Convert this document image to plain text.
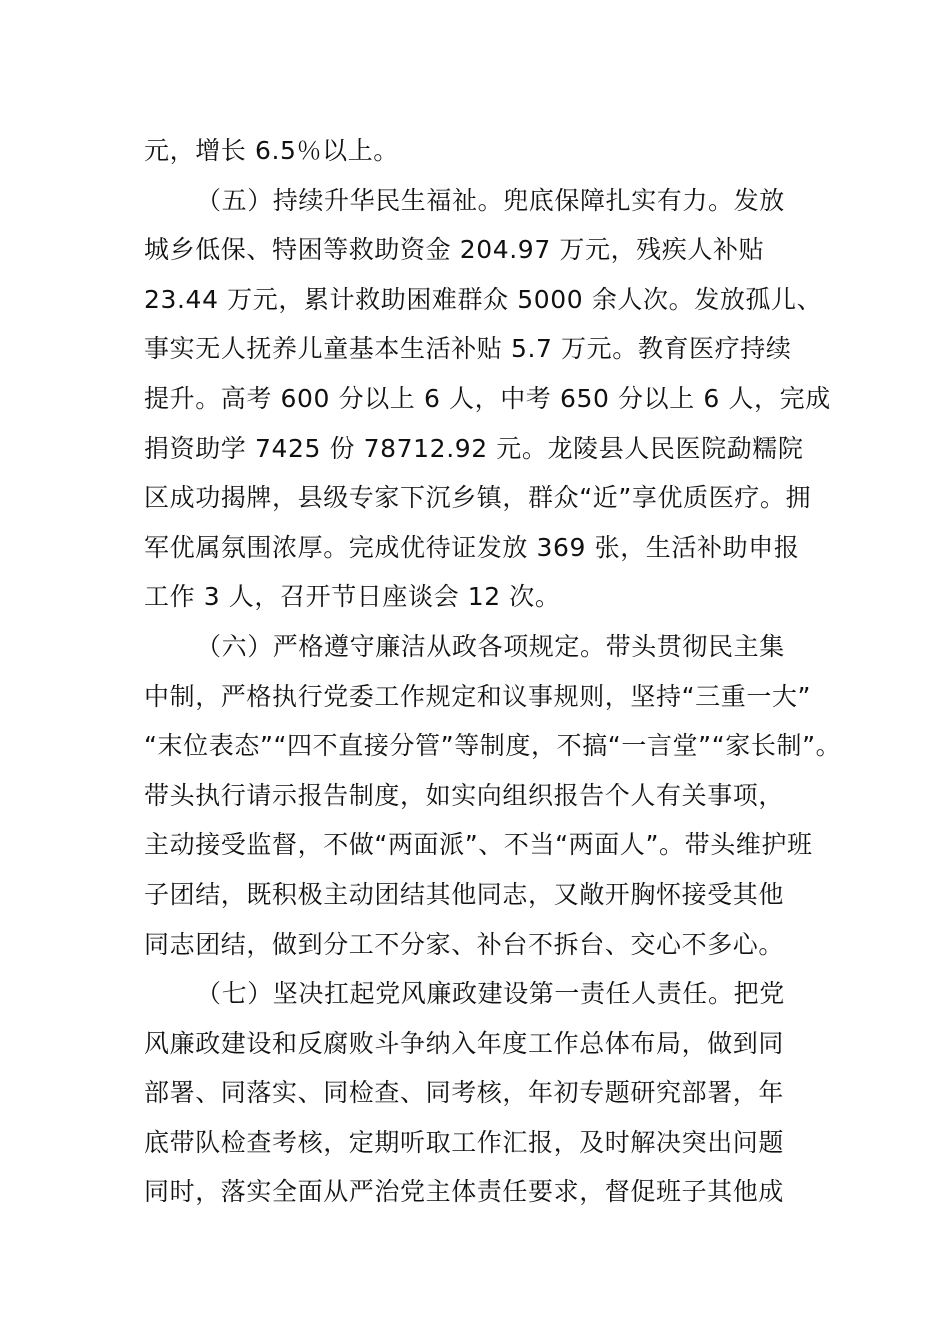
元，增长 6.5％以上。
（五）持续升华民生福祉。兜底保障扎实有力。发放
城乡低保、特困等救助资金 204.97 万元，残疾人补贴
23.44 万元，累计救助困难群众 5000 余人次。发放孤儿、
事实无人抚养儿童基本生活补贴 5.7 万元。教育医疗持续
提升。高考 600 分以上 6 人，中考 650 分以上 6 人，完成
捐资助学 7425 份 78712.92 元。龙陵县人民医院勐糯院
区成功揭牌，县级专家下沉乡镇，群众“近”享优质医疗。拥
军优属氛围浓厚。完成优待证发放 369 张，生活补助申报
工作 3 人，召开节日座谈会 12 次。
（六）严格遵守廉洁从政各项规定。带头贯彻民主集
中制，严格执行党委工作规定和议事规则，坚持“三重一大”
“末位表态”“四不直接分管”等制度，不搞“一言堂”“家长制”。
带头执行请示报告制度，如实向组织报告个人有关事项，
主动接受监督，不做“两面派”、不当“两面人”。带头维护班
子团结，既积极主动团结其他同志，又敞开胸怀接受其他
同志团结，做到分工不分家、补台不拆台、交心不多心。
（七）坚决扛起党风廉政建设第一责任人责任。把党
风廉政建设和反腐败斗争纳入年度工作总体布局，做到同
部署、同落实、同检查、同考核，年初专题研究部署，年
底带队检查考核，定期听取工作汇报，及时解决突出问题
同时，落实全面从严治党主体责任要求，督促班子其他成
